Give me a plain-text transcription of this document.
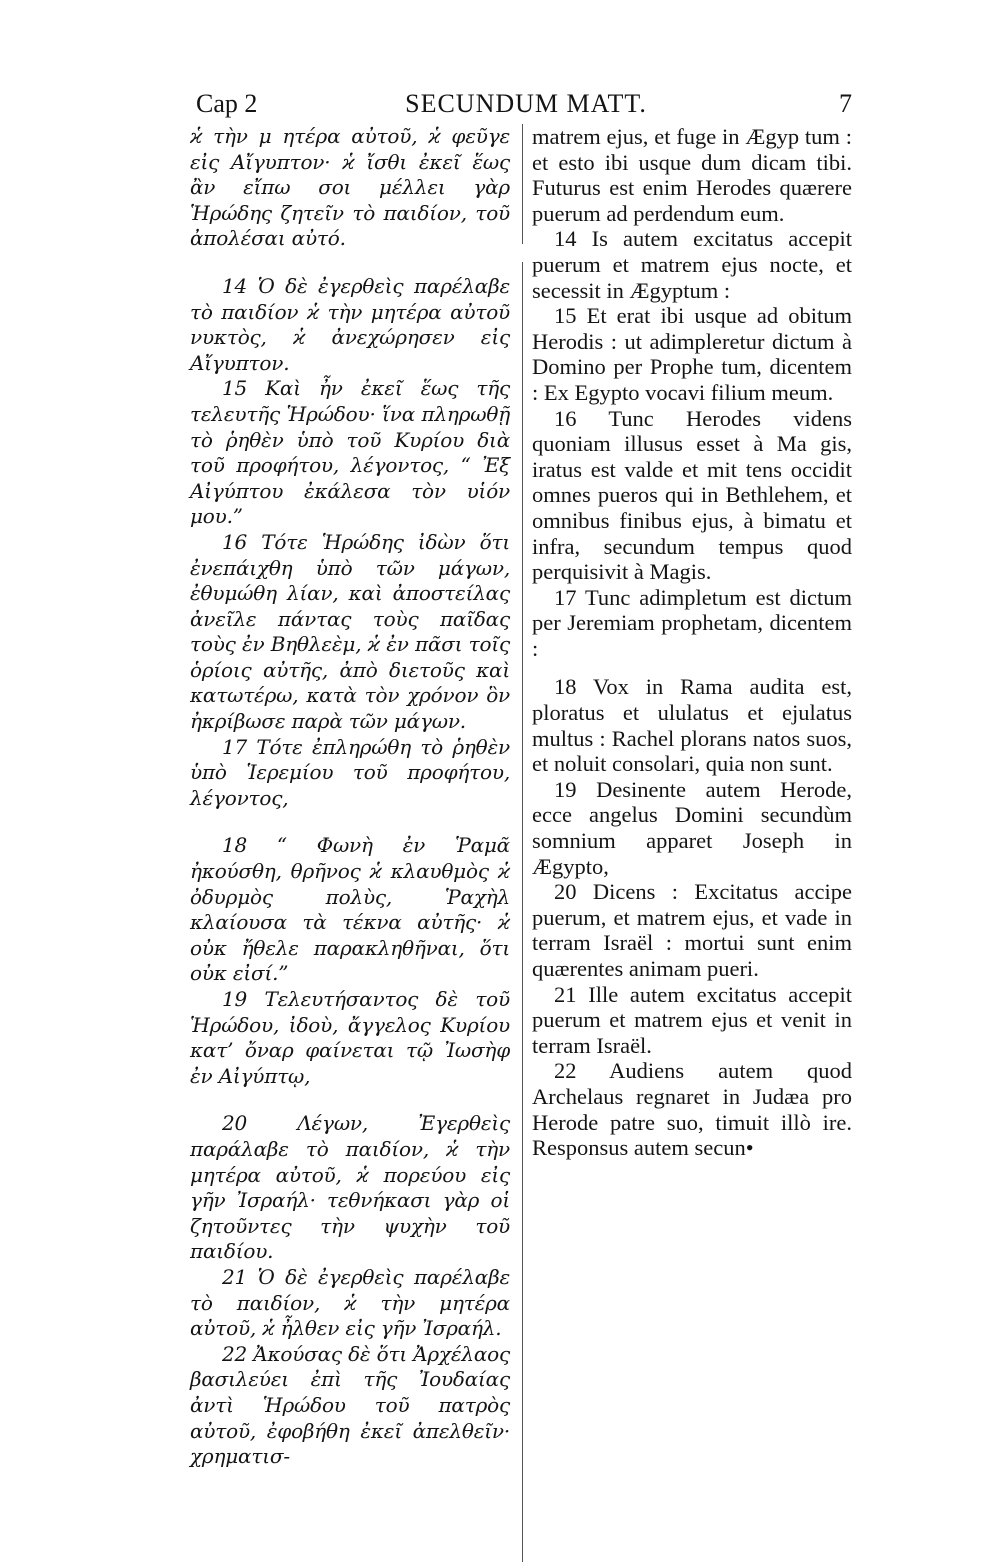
Cap 2	SECUNDUM MATT.	7

ϰ̔ τὴν μ ητέρα αὐτοῦ, ϰ̔ φεῦγε εἰς Αἴγυπτον· ϰ̔ ἴσθι ἐκεῖ ἕως ἂν εἴπω σοι μέλλει γὰρ Ἡρώδης ζητεῖν τὸ παιδίον, τοῦ ἀπολέσαι αὐτό.

14 Ὁ δὲ ἐγερθεὶς παρέλαβε τὸ παιδίον ϰ̔ τὴν μητέρα αὐτοῦ νυκτὸς, ϰ̔ ἀνεχώρησεν εἰς Αἴγυπτον.

15 Καὶ ἦν ἐκεῖ ἕως τῆς τελευτῆς Ἡρώδου· ἵνα πληρωθῇ τὸ ῥηθὲν ὑπὸ τοῦ Κυρίου διὰ τοῦ προφήτου, λέγοντος, “ Ἐξ Αἰγύπτου ἐκάλεσα τὸν υἱόν μου.”

16 Τότε Ἡρώδης ἰδὼν ὅτι ἐνεπάιχθη ὑπὸ τῶν μάγων, ἐθυμώθη λίαν, καὶ ἀποστείλας ἀνεῖλε πάντας τοὺς παῖδας τοὺς ἐν Βηθλεὲμ, ϰ̔ ἐν πᾶσι τοῖς ὁρίοις αὐτῆς, ἀπὸ διετοῦς καὶ κατωτέρω, κατὰ τὸν χρόνον ὃν ἠκρίβωσε παρὰ τῶν μάγων.

17 Τότε ἐπληρώθη τὸ ῥηθὲν ὑπὸ Ἱερεμίου τοῦ προφήτου, λέγοντος,

18 “ Φωνὴ ἐν Ῥαμᾶ ἠκούσθη, θρῆνος ϰ̔ κλαυθμὸς ϰ̔ ὀδυρμὸς πολὺς, Ῥαχὴλ κλαίουσα τὰ τέκνα αὐτῆς· ϰ̔ οὐκ ἤθελε παρακληθῆναι, ὅτι οὐκ εἰσί.”

19 Τελευτήσαντος δὲ τοῦ Ἡρώδου, ἰδοὺ, ἄγγελος Κυρίου κατ’ ὄναρ φαίνεται τῷ Ἰωσὴφ ἐν Αἰγύπτῳ,

20 Λέγων, Ἐγερθεὶς παράλαβε τὸ παιδίον, ϰ̔ τὴν μητέρα αὐτοῦ, ϰ̔ πορεύου εἰς γῆν Ἰσραήλ· τεθνήκασι γὰρ οἱ ζητοῦντες τὴν ψυχὴν τοῦ παιδίου.

21 Ὁ δὲ ἐγερθεὶς παρέλαβε τὸ παιδίον, ϰ̔ τὴν μητέρα αὐτοῦ, ϰ̔ ἦλθεν εἰς γῆν Ἰσραήλ.

22 Ἀκούσας δὲ ὅτι Ἀρχέλαος βασιλεύει ἐπὶ τῆς Ἰουδαίας ἀντὶ Ἡρώδου τοῦ πατρὸς αὐτοῦ, ἐφοβήθη ἐκεῖ ἀπελθεῖν· χρηματισ-

matrem ejus, et fuge in Ægyp tum : et esto ibi usque dum dicam tibi. Futurus est enim Herodes quærere puerum ad perdendum eum.

14 Is autem excitatus accepit puerum et matrem ejus nocte, et secessit in Ægyptum :

15 Et erat ibi usque ad obitum Herodis : ut adimpleretur dictum à Domino per Prophe tum, dicentem : Ex Egypto vocavi filium meum.

16 Tunc Herodes videns quoniam illusus esset à Ma gis, iratus est valde et mit tens occidit omnes pueros qui in Bethlehem, et omnibus finibus ejus, à bimatu et infra, secundum tempus quod perquisivit à Magis.

17 Tunc adimpletum est dictum per Jeremiam prophetam, dicentem :

18 Vox in Rama audita est, ploratus et ululatus et ejulatus multus : Rachel plorans natos suos, et noluit consolari, quia non sunt.

19 Desinente autem Herode, ecce angelus Domini secundùm somnium apparet Joseph in Ægypto,

20 Dicens : Excitatus accipe puerum, et matrem ejus, et vade in terram Israël : mortui sunt enim quærentes animam pueri.

21 Ille autem excitatus accepit puerum et matrem ejus et venit in terram Israël.

22 Audiens autem quod Archelaus regnaret in Judæa pro Herode patre suo, timuit illò ire. Responsus autem secun•
